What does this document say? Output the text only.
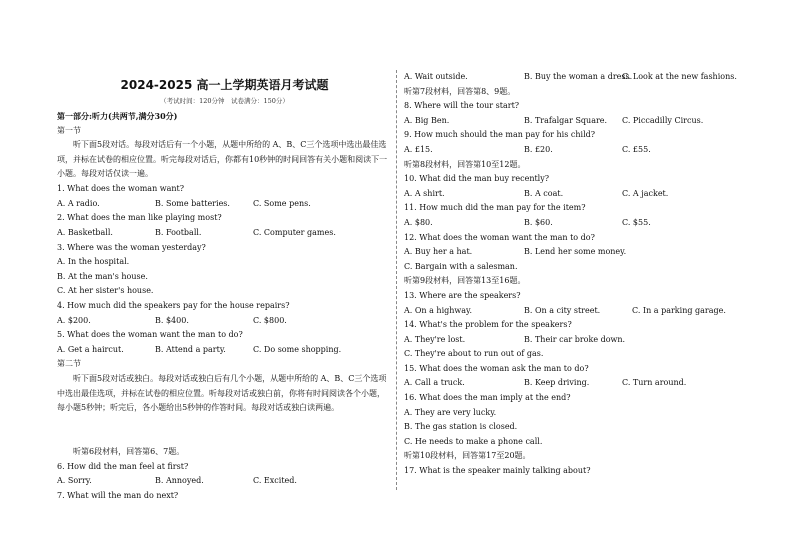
2024-2025 高一上学期英语月考试题
（考试时间：120分钟　试卷满分：150分）
第一部分:听力(共两节,满分30分)
第一节
听下面5段对话。每段对话后有一个小题，从题中所给的 A、B、C三个选项中选出最佳选项，并标在试卷的相应位置。听完每段对话后，你都有10秒钟的时间回答有关小题和阅读下一小题。每段对话仅读一遍。
1. What does the woman want?
A. A radio.	B. Some batteries.	C. Some pens.
2. What does the man like playing most?
A. Basketball.	B. Football.	C. Computer games.
3. Where was the woman yesterday?
A. In the hospital.
B. At the man's house.
C. At her sister's house.
4. How much did the speakers pay for the house repairs?
A. $200.	B. $400.	C. $800.
5. What does the woman want the man to do?
A. Get a haircut.	B. Attend a party.	C. Do some shopping.
第二节
听下面5段对话或独白。每段对话或独白后有几个小题，从题中所给的 A、B、C三个选项中选出最佳选项，并标在试卷的相应位置。听每段对话或独白前，你将有时间阅读各个小题，每小题5秒钟；听完后，各小题给出5秒钟的作答时间。每段对话或独白读两遍。
听第6段材料，回答第6、7题。
6. How did the man feel at first?
A. Sorry.	B. Annoyed.	C. Excited.
7. What will the man do next?
A. Wait outside.	B. Buy the woman a dress.
C. Look at the new fashions.
听第7段材料，回答第8、9题。
8. Where will the tour start?
A. Big Ben.	B. Trafalgar Square.	C. Piccadilly Circus.
9. How much should the man pay for his child?
A. £15.	B. £20.	C. £55.
听第8段材料，回答第10至12题。
10. What did the man buy recently?
A. A shirt.	B. A coat.	C. A jacket.
11. How much did the man pay for the item?
A. $80.	B. $60.	C. $55.
12. What does the woman want the man to do?
A. Buy her a hat.	B. Lend her some money.
C. Bargain with a salesman.
听第9段材料，回答第13至16题。
13. Where are the speakers?
A. On a highway.	B. On a city street.	C. In a parking garage.
14. What's the problem for the speakers?
A. They're lost.	B. Their car broke down.
C. They're about to run out of gas.
15. What does the woman ask the man to do?
A. Call a truck.	B. Keep driving.	C. Turn around.
16. What does the man imply at the end?
A. They are very lucky.
B. The gas station is closed.
C. He needs to make a phone call.
听第10段材料，回答第17至20题。
17. What is the speaker mainly talking about?
